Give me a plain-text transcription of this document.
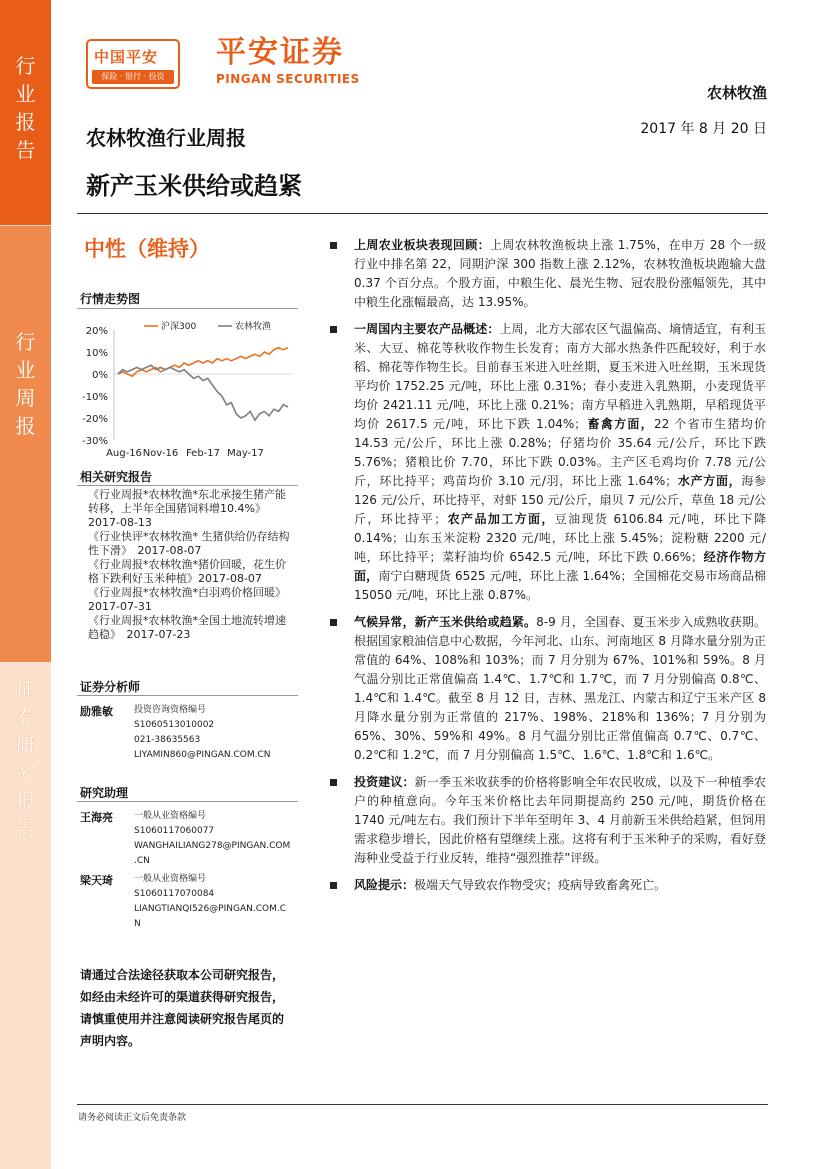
行
业
报
告
行
业
周
报
证
券
研
究
报
告
中国平安
保险 · 银行 · 投资
平安证券
PINGAN SECURITIES
农林牧渔
农林牧渔行业周报	2017 年 8 月 20 日
新产玉米供给或趋紧
中性（维持）
行情走势图
20%
10%
0%
-10%
-20%
-30%
Aug-16 Nov-16 Feb-17 May-17
沪深300	农林牧渔
相关研究报告
《行业周报*农林牧渔*东北承接生猪产能转移，上半年全国猪饲料增10.4%》　2017-08-13
《行业快评*农林牧渔* 生猪供给仍存结构性下滑》　2017-08-07
《行业周报*农林牧渔*猪价回暖，花生价格下跌利好玉米种植》2017-08-07
《行业周报*农林牧渔*白羽鸡价格回暖》　2017-07-31
《行业周报*农林牧渔*全国土地流转增速趋稳》　2017-07-23
证券分析师
励雅敏 投资咨询资格编号
S1060513010002
021-38635563
LIYAMIN860@PINGAN.COM.CN
研究助理
王海亮 一般从业资格编号
S1060117060077
WANGHAILIANG278@PINGAN.COM
.CN
梁天琦 一般从业资格编号
S1060117070084
LIANGTIANQI526@PINGAN.COM.C
N
请通过合法途径获取本公司研究报告，如经由未经许可的渠道获得研究报告，请慎重使用并注意阅读研究报告尾页的声明内容。
上周农业板块表现回顾：上周农林牧渔板块上涨 1.75%，在申万 28 个一级行业中排名第 22，同期沪深 300 指数上涨 2.12%，农林牧渔板块跑输大盘 0.37 个百分点。个股方面，中粮生化、晨光生物、冠农股份涨幅领先，其中中粮生化涨幅最高，达 13.95%。
一周国内主要农产品概述：上周，北方大部农区气温偏高、墒情适宜，有利玉米、大豆、棉花等秋收作物生长发育；南方大部水热条件匹配较好，利于水稻、棉花等作物生长。目前春玉米进入吐丝期，夏玉米进入吐丝期，玉米现货平均价 1752.25 元/吨，环比上涨 0.31%；春小麦进入乳熟期，小麦现货平均价 2421.11 元/吨，环比上涨 0.21%；南方早稻进入乳熟期，早稻现货平均价 2617.5 元/吨，环比下跌 1.04%；畜禽方面，22 个省市生猪均价 14.53 元/公斤，环比上涨 0.28%；仔猪均价 35.64 元/公斤，环比下跌 5.76%；猪粮比价 7.70，环比下跌 0.03%。主产区毛鸡均价 7.78 元/公斤，环比持平；鸡苗均价 3.10 元/羽，环比上涨 1.64%；水产方面，海参 126 元/公斤，环比持平，对虾 150 元/公斤，扇贝 7 元/公斤，草鱼 18 元/公斤，环比持平；农产品加工方面，豆油现货 6106.84 元/吨，环比下降 0.14%；山东玉米淀粉 2320 元/吨，环比上涨 5.45%；淀粉糖 2200 元/吨，环比持平；菜籽油均价 6542.5 元/吨，环比下跌 0.66%；经济作物方面，南宁白糖现货 6525 元/吨，环比上涨 1.64%；全国棉花交易市场商品棉 15050 元/吨，环比上涨 0.87%。
气候异常，新产玉米供给或趋紧。8-9 月，全国春、夏玉米步入成熟收获期。根据国家粮油信息中心数据，今年河北、山东、河南地区 8 月降水量分别为正常值的 64%、108%和 103%；而 7 月分别为 67%、101%和 59%。8 月气温分别比正常值偏高 1.4℃、1.7℃和 1.7℃，而 7 月分别偏高 0.8℃、1.4℃和 1.4℃。截至 8 月 12 日，吉林、黑龙江、内蒙古和辽宁玉米产区 8 月降水量分别为正常值的 217%、198%、218%和 136%；7 月分别为 65%、30%、59%和 49%。8 月气温分别比正常值偏高 0.7℃、0.7℃、0.2℃和 1.2℃，而 7 月分别偏高 1.5℃、1.6℃、1.8℃和 1.6℃。
投资建议：新一季玉米收获季的价格将影响全年农民收成，以及下一种植季农户的种植意向。今年玉米价格比去年同期提高约 250 元/吨，期货价格在 1740 元/吨左右。我们预计下半年至明年 3、4 月前新玉米供给趋紧，但饲用需求稳步增长，因此价格有望继续上涨。这将有利于玉米种子的采购，看好登海种业受益于行业反转，维持“强烈推荐”评级。
风险提示：极端天气导致农作物受灾；疫病导致畜禽死亡。
请务必阅读正文后免责条款
